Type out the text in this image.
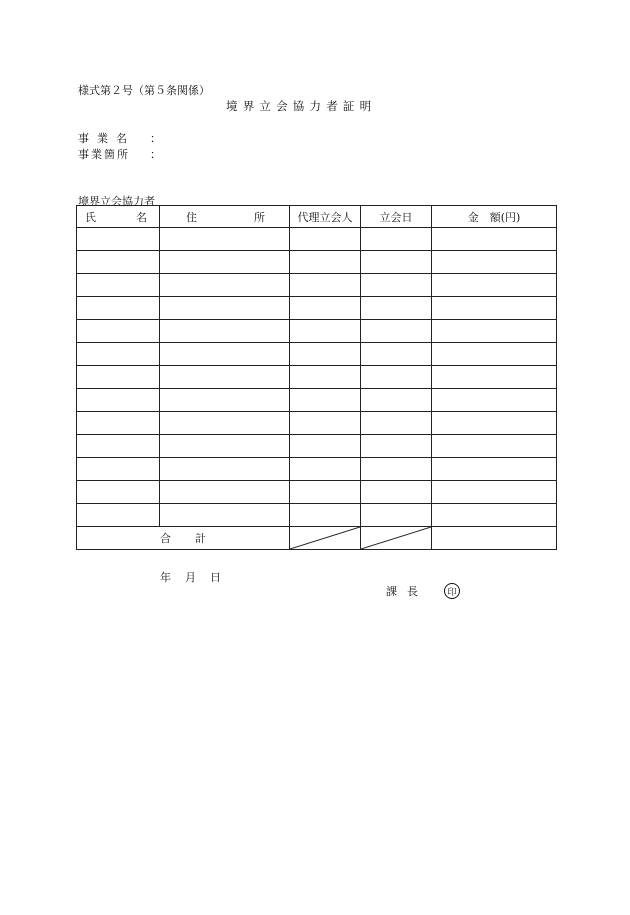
様式第２号（第５条関係）
境界立会協力者証明
事業名	：
事業箇所	：
境界立会協力者
氏 名	住 所	代理立会人	立会日	金　額(円)

合 計	

年 月 日
課長	印
